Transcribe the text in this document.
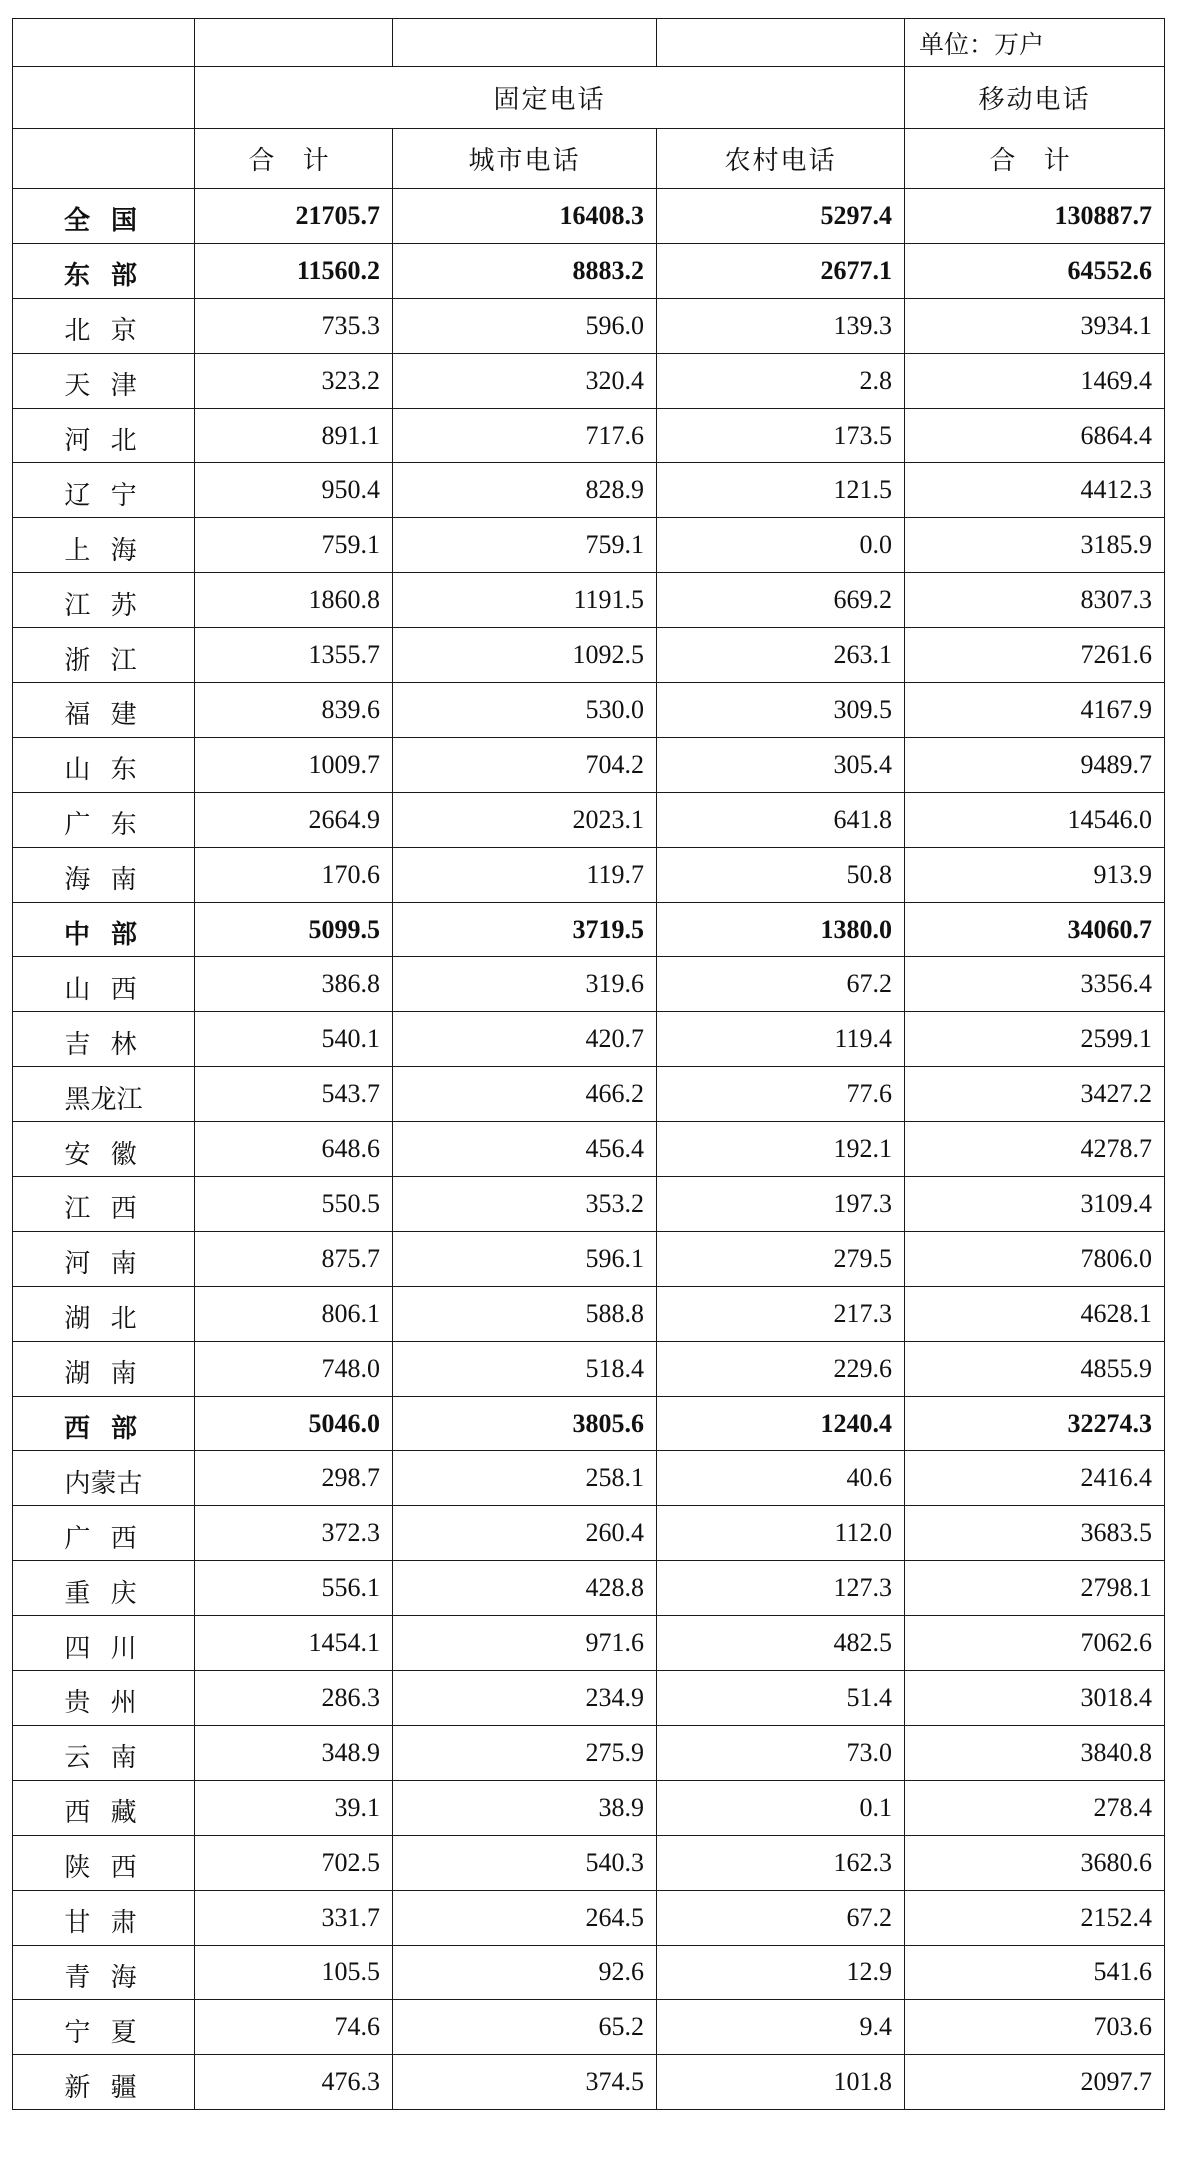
				单位：万户
	固定电话			移动电话
	合 计	城市电话	农村电话	合 计
全 国	21705.7	16408.3	5297.4	130887.7
东 部	11560.2	8883.2	2677.1	64552.6
北 京	735.3	596.0	139.3	3934.1
天 津	323.2	320.4	2.8	1469.4
河 北	891.1	717.6	173.5	6864.4
辽 宁	950.4	828.9	121.5	4412.3
上 海	759.1	759.1	0.0	3185.9
江 苏	1860.8	1191.5	669.2	8307.3
浙 江	1355.7	1092.5	263.1	7261.6
福 建	839.6	530.0	309.5	4167.9
山 东	1009.7	704.2	305.4	9489.7
广 东	2664.9	2023.1	641.8	14546.0
海 南	170.6	119.7	50.8	913.9
中 部	5099.5	3719.5	1380.0	34060.7
山 西	386.8	319.6	67.2	3356.4
吉 林	540.1	420.7	119.4	2599.1
黑龙江	543.7	466.2	77.6	3427.2
安 徽	648.6	456.4	192.1	4278.7
江 西	550.5	353.2	197.3	3109.4
河 南	875.7	596.1	279.5	7806.0
湖 北	806.1	588.8	217.3	4628.1
湖 南	748.0	518.4	229.6	4855.9
西 部	5046.0	3805.6	1240.4	32274.3
内蒙古	298.7	258.1	40.6	2416.4
广 西	372.3	260.4	112.0	3683.5
重 庆	556.1	428.8	127.3	2798.1
四 川	1454.1	971.6	482.5	7062.6
贵 州	286.3	234.9	51.4	3018.4
云 南	348.9	275.9	73.0	3840.8
西 藏	39.1	38.9	0.1	278.4
陕 西	702.5	540.3	162.3	3680.6
甘 肃	331.7	264.5	67.2	2152.4
青 海	105.5	92.6	12.9	541.6
宁 夏	74.6	65.2	9.4	703.6
新 疆	476.3	374.5	101.8	2097.7
